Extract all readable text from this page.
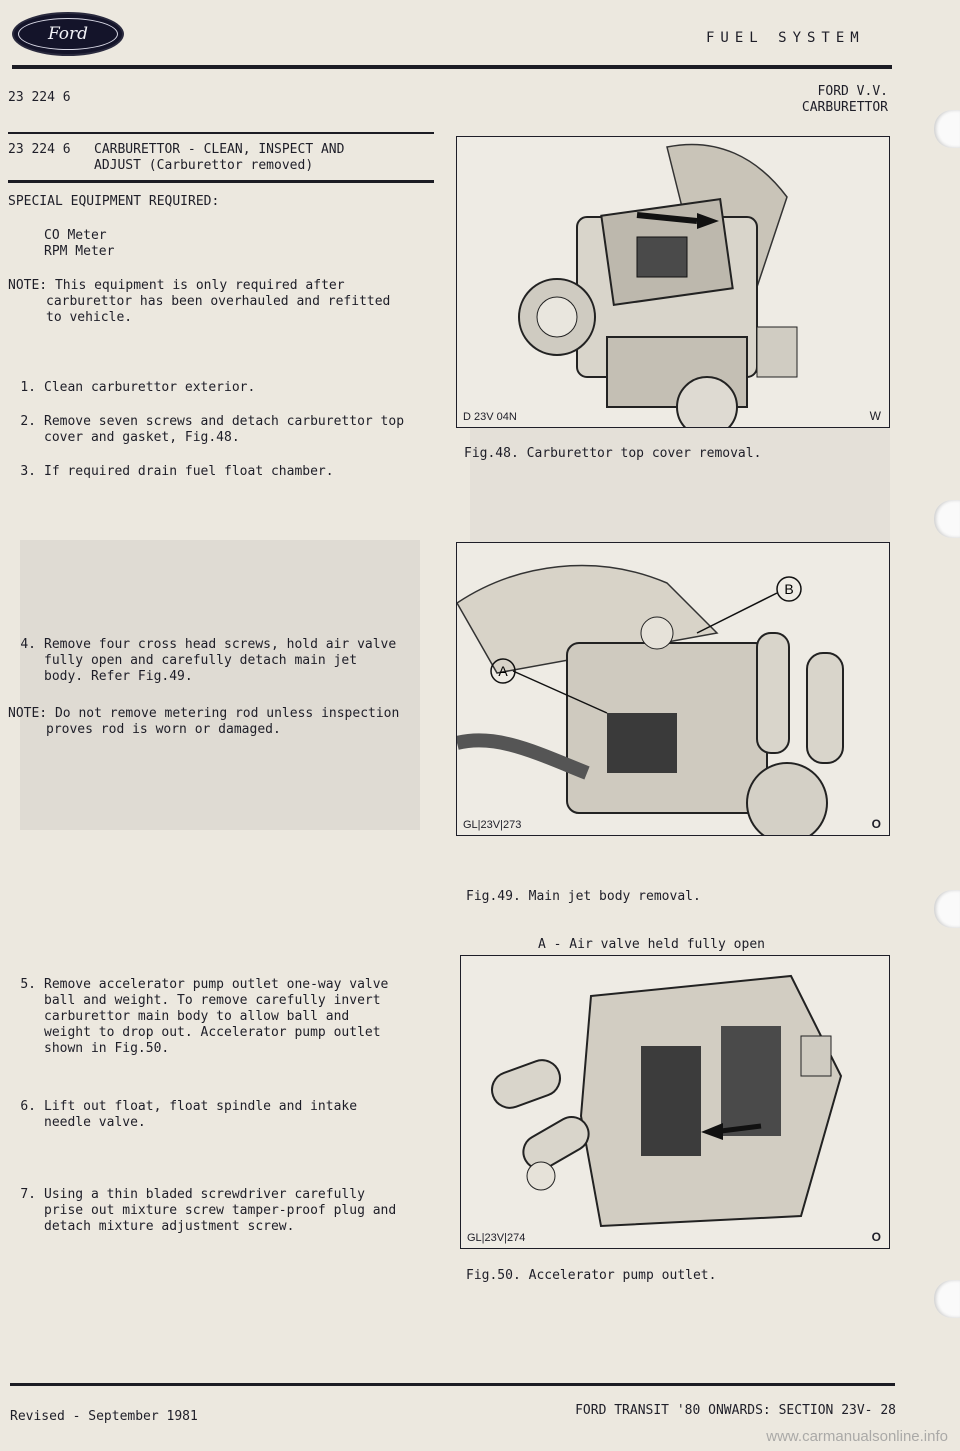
Ford	FUEL SYSTEM
23 224 6	FORD V.V.
CARBURETTOR
23 224 6	CARBURETTOR - CLEAN, INSPECT AND
ADJUST (Carburettor removed)
SPECIAL EQUIPMENT REQUIRED:
CO Meter
RPM Meter
NOTE: This equipment is only required after
carburettor has been overhauled and refitted
to vehicle.
1. Clean carburettor exterior.
2. Remove seven screws and detach carburettor top
cover and gasket, Fig.48.
3. If required drain fuel float chamber.
4. Remove four cross head screws, hold air valve
fully open and carefully detach main jet
body. Refer Fig.49.
NOTE: Do not remove metering rod unless inspection
proves rod is worn or damaged.
5. Remove accelerator pump outlet one-way valve
ball and weight. To remove carefully invert
carburettor main body to allow ball and
weight to drop out. Accelerator pump outlet
shown in Fig.50.
6. Lift out float, float spindle and intake
needle valve.
7. Using a thin bladed screwdriver carefully
prise out mixture screw tamper-proof plug and
detach mixture adjustment screw.
D 23V 04N	W
Fig.48. Carburettor top cover removal.
A
B
GL|23V|273	O

Fig.49. Main jet body removal.

A - Air valve held fully open

GL|23V|274	O
Fig.50. Accelerator pump outlet.
Revised - September 1981	FORD TRANSIT '80 ONWARDS: SECTION 23V- 28
www.carmanualsonline.info
